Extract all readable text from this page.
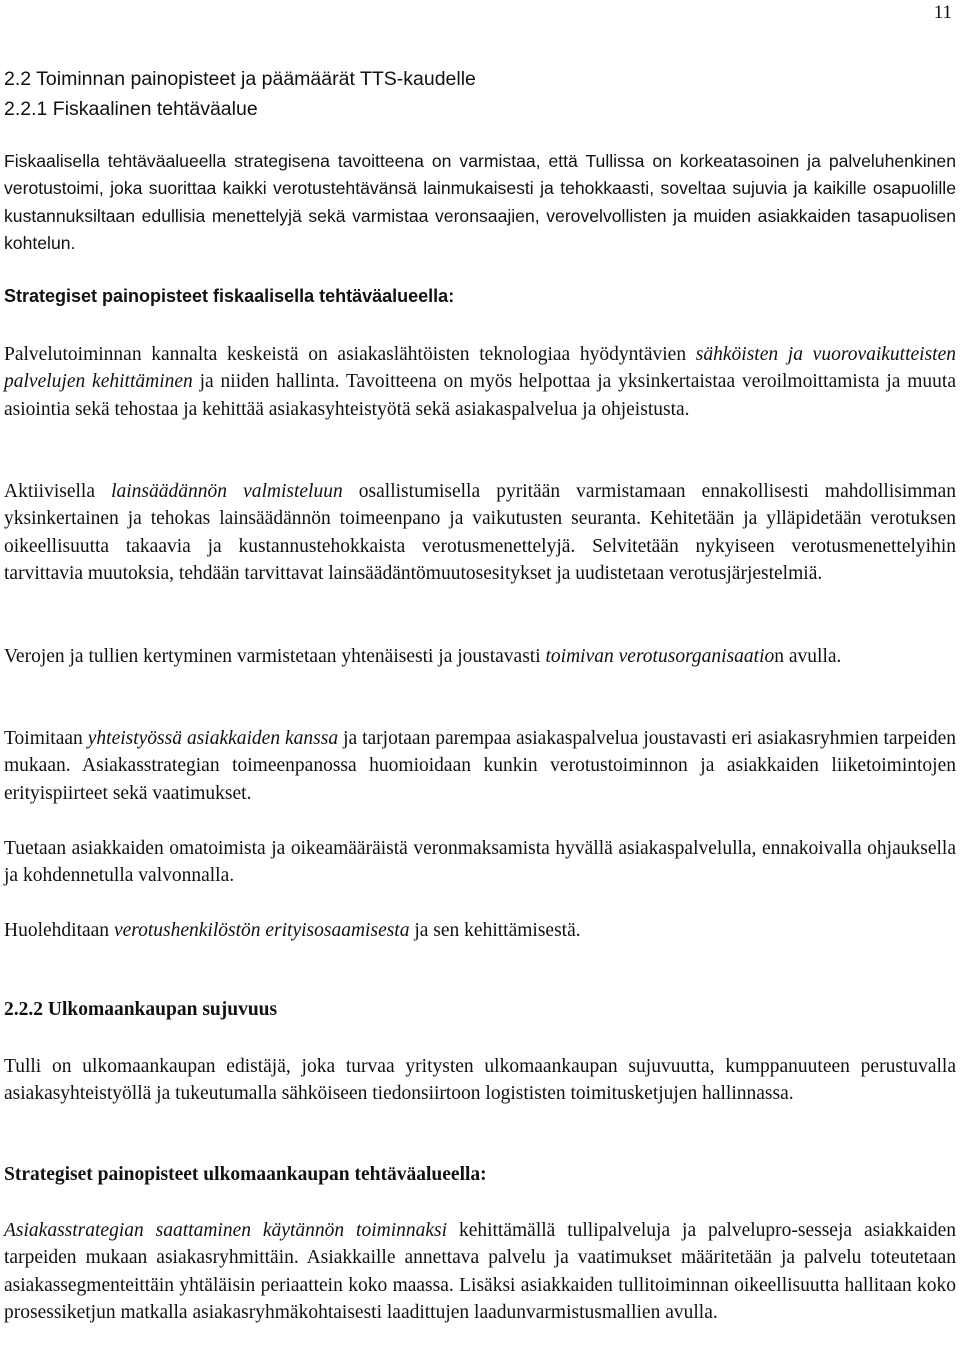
11
2.2 Toiminnan painopisteet ja päämäärät TTS-kaudelle
2.2.1 Fiskaalinen tehtäväalue

Fiskaalisella tehtäväalueella strategisena tavoitteena on varmistaa, että Tullissa on korkeatasoinen ja palveluhenkinen verotustoimi, joka suorittaa kaikki verotustehtävänsä lainmukaisesti ja tehokkaasti, soveltaa sujuvia ja kaikille osapuolille kustannuksiltaan edullisia menettelyjä sekä varmistaa veronsaajien, verovelvollisten ja muiden asiakkaiden tasapuolisen kohtelun.

Strategiset painopisteet fiskaalisella tehtäväalueella:

Palvelutoiminnan kannalta keskeistä on asiakaslähtöisten teknologiaa hyödyntävien sähköisten ja vuorovaikutteisten palvelujen kehittäminen ja niiden hallinta. Tavoitteena on myös helpottaa ja yksinkertaistaa veroilmoittamista ja muuta asiointia sekä tehostaa ja kehittää asiakasyhteistyötä sekä asiakaspalvelua ja ohjeistusta.

Aktiivisella lainsäädännön valmisteluun osallistumisella pyritään varmistamaan ennakollisesti mahdollisimman yksinkertainen ja tehokas lainsäädännön toimeenpano ja vaikutusten seuranta. Kehitetään ja ylläpidetään verotuksen oikeellisuutta takaavia ja kustannustehokkaista verotusmenettelyjä. Selvitetään nykyiseen verotusmenettelyihin tarvittavia muutoksia, tehdään tarvittavat lainsäädäntömuutosesitykset ja uudistetaan verotusjärjestelmiä.

Verojen ja tullien kertyminen varmistetaan yhtenäisesti ja joustavasti toimivan verotusorganisaation avulla.

Toimitaan yhteistyössä asiakkaiden kanssa ja tarjotaan parempaa asiakaspalvelua joustavasti eri asiakasryhmien tarpeiden mukaan. Asiakasstrategian toimeenpanossa huomioidaan kunkin verotustoiminnon ja asiakkaiden liiketoimintojen erityispiirteet sekä vaatimukset.

Tuetaan asiakkaiden omatoimista ja oikeamääräistä veronmaksamista hyvällä asiakaspalvelulla, ennakoivalla ohjauksella ja kohdennetulla valvonnalla.

Huolehditaan verotushenkilöstön erityisosaamisesta ja sen kehittämisestä.

2.2.2 Ulkomaankaupan sujuvuus

Tulli on ulkomaankaupan edistäjä, joka turvaa yritysten ulkomaankaupan sujuvuutta, kumppanuuteen perustuvalla asiakasyhteistyöllä ja tukeutumalla sähköiseen tiedonsiirtoon logististen toimitusketjujen hallinnassa.

Strategiset painopisteet ulkomaankaupan tehtäväalueella:

Asiakasstrategian saattaminen käytännön toiminnaksi kehittämällä tullipalveluja ja palvelupro-sesseja asiakkaiden tarpeiden mukaan asiakasryhmittäin. Asiakkaille annettava palvelu ja vaatimukset määritetään ja palvelu toteutetaan asiakassegmenteittäin yhtäläisin periaattein koko maassa. Lisäksi asiakkaiden tullitoiminnan oikeellisuutta hallitaan koko prosessiketjun matkalla asiakasryhmäkohtaisesti laadittujen laadunvarmistusmallien avulla.
